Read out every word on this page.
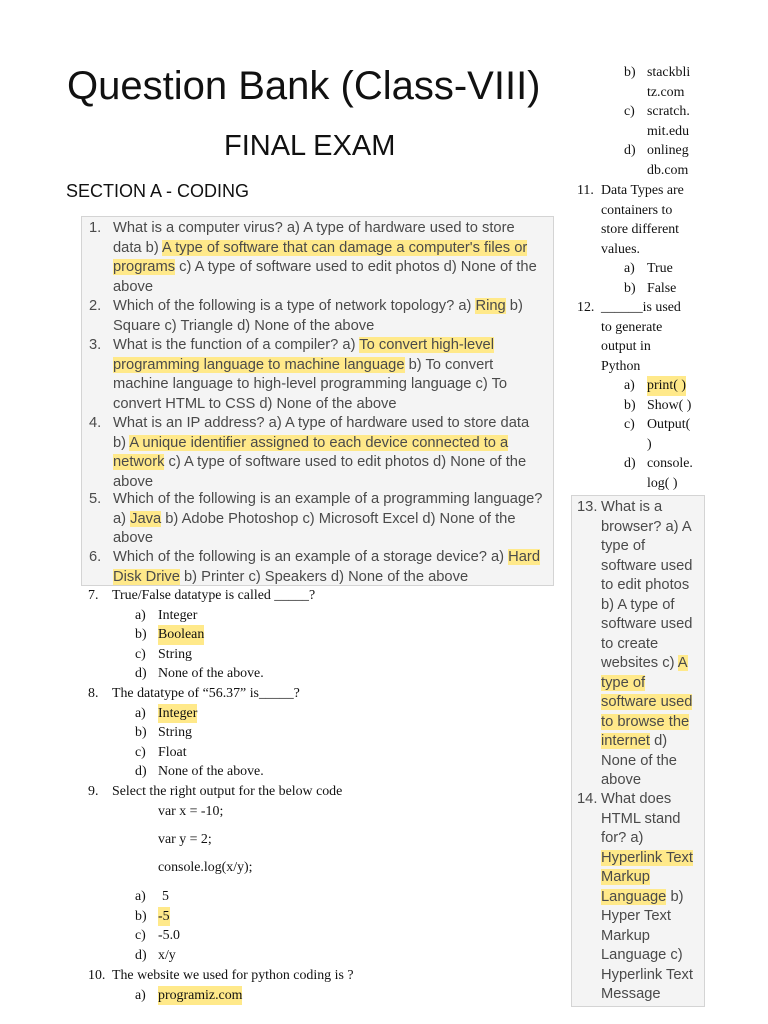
Question Bank (Class-VIII)
FINAL EXAM
SECTION A - CODING
1. What is a computer virus? a) A type of hardware used to store data b) A type of software that can damage a computer's files or programs c) A type of software used to edit photos d) None of the above
2. Which of the following is a type of network topology? a) Ring b) Square c) Triangle d) None of the above
3. What is the function of a compiler? a) To convert high-level programming language to machine language b) To convert machine language to high-level programming language c) To convert HTML to CSS d) None of the above
4. What is an IP address? a) A type of hardware used to store data b) A unique identifier assigned to each device connected to a network c) A type of software used to edit photos d) None of the above
5. Which of the following is an example of a programming language? a) Java b) Adobe Photoshop c) Microsoft Excel d) None of the above
6. Which of the following is an example of a storage device? a) Hard Disk Drive b) Printer c) Speakers d) None of the above
7. True/False datatype is called _____?
a) Integer
b) Boolean
c) String
d) None of the above.
8. The datatype of “56.37” is_____?
a) Integer
b) String
c) Float
d) None of the above.
9. Select the right output for the below code
var x = -10;
var y = 2;
console.log(x/y);
a) 5
b) -5
c) -5.0
d) x/y
10. The website we used for python coding is ?
a) programiz.com
b) stackbli
tz.com
c) scratch.
mit.edu
d) onlineg
db.com
11. Data Types are
containers to
store different
values.
a) True
b) False
12. ______is used
to generate
output in
Python
a) print( )
b) Show( )
c) Output(
)
d) console.
log( )
13. What is a browser? a) A type of software used to edit photos b) A type of software used to create websites c) A type of software used to browse the internet d) None of the above
14. What does HTML stand for? a) Hyperlink Text Markup Language b) Hyper Text Markup Language c) Hyperlink Text Message
